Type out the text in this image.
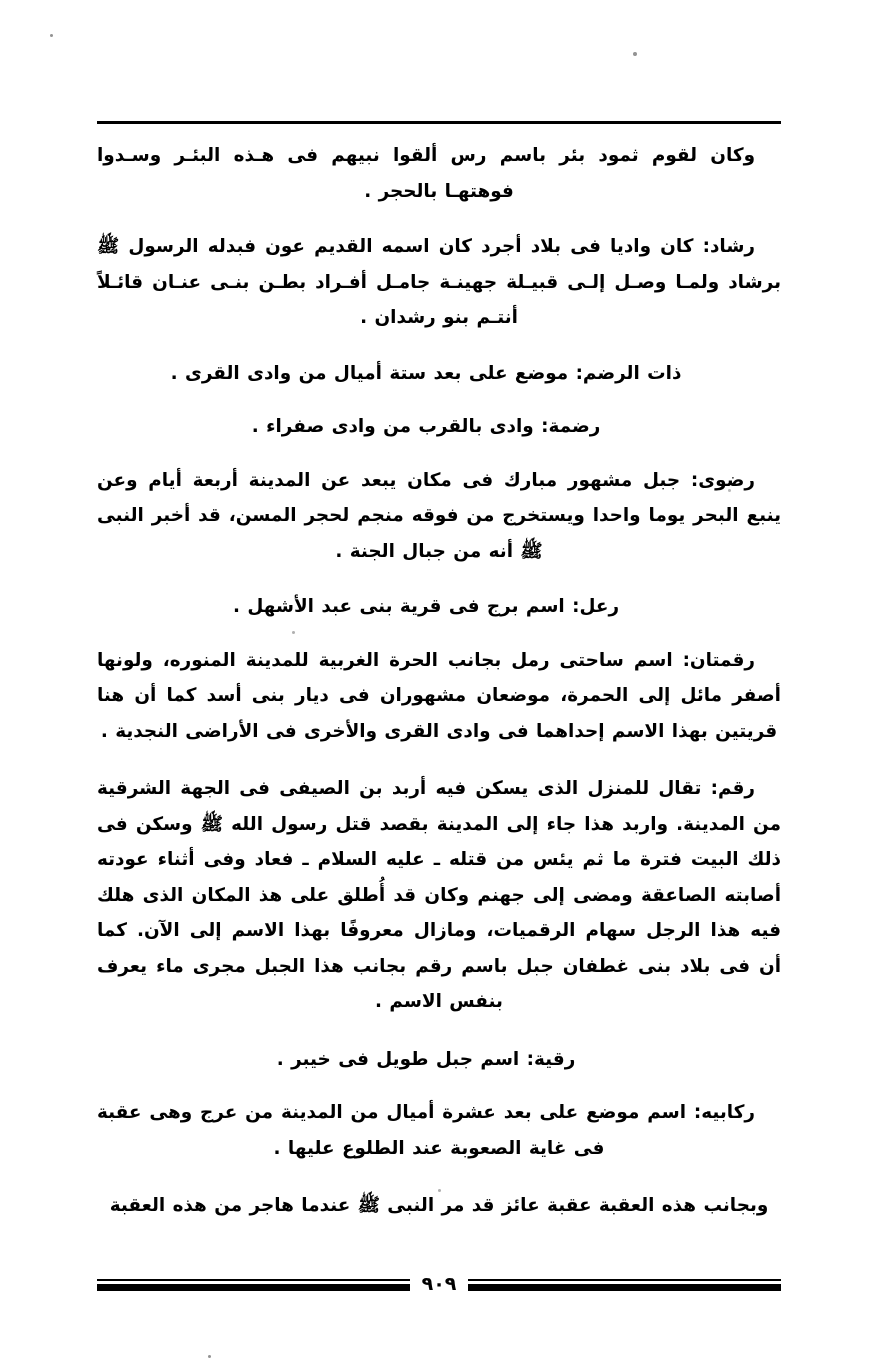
وكان لقوم ثمود بئر باسم رس ألقوا نبيهم فى هـذه البئـر وسـدوا فوهتهـا بالحجر .

رشاد: كان واديا فى بلاد أجرد كان اسمه القديم عون فبدله الرسول ﷺ برشاد ولمـا وصـل إلـى قبيـلة جهينـة جامـل أفـراد بطـن بنـى عنـان قائـلاً أنتـم بنو رشدان .

ذات الرضم: موضع على بعد ستة أميال من وادى القرى .

رضمة: وادى بالقرب من وادى صفراء .

رضوى: جبل مشهور مبارك فى مكان يبعد عن المدينة أربعة أيام وعن ينبع البحر يوما واحدا ويستخرج من فوقه منجم لحجر المسن، قد أخبر النبى ﷺ أنه من جبال الجنة .

رعل: اسم برج فى قرية بنى عبد الأشهل .

رقمتان: اسم ساحتى رمل بجانب الحرة الغربية للمدينة المنوره، ولونها أصفر مائل إلى الحمرة، موضعان مشهوران فى ديار بنى أسد كما أن هنا قريتين بهذا الاسم إحداهما فى وادى القرى والأخرى فى الأراضى النجدية .

رقم: تقال للمنزل الذى يسكن فيه أربد بن الصيفى فى الجهة الشرقية من المدينة. واربد هذا جاء إلى المدينة بقصد قتل رسول الله ﷺ وسكن فى ذلك البيت فترة ما ثم يئس من قتله ـ عليه السلام ـ فعاد وفى أثناء عودته أصابته الصاعقة ومضى إلى جهنم وكان قد أُطلق على هذ المكان الذى هلك فيه هذا الرجل سهام الرقميات، ومازال معروفًا بهذا الاسم إلى الآن. كما أن فى بلاد بنى غطفان جبل باسم رقم بجانب هذا الجبل مجرى ماء يعرف بنفس الاسم .

رقية: اسم جبل طويل فى خيبر .

ركابيه: اسم موضع على بعد عشرة أميال من المدينة من عرج وهى عقبة فى غاية الصعوبة عند الطلوع عليها .

وبجانب هذه العقبة عقبة عائز قد مر النبى ﷺ عندما هاجر من هذه العقبة

٩٠٩
